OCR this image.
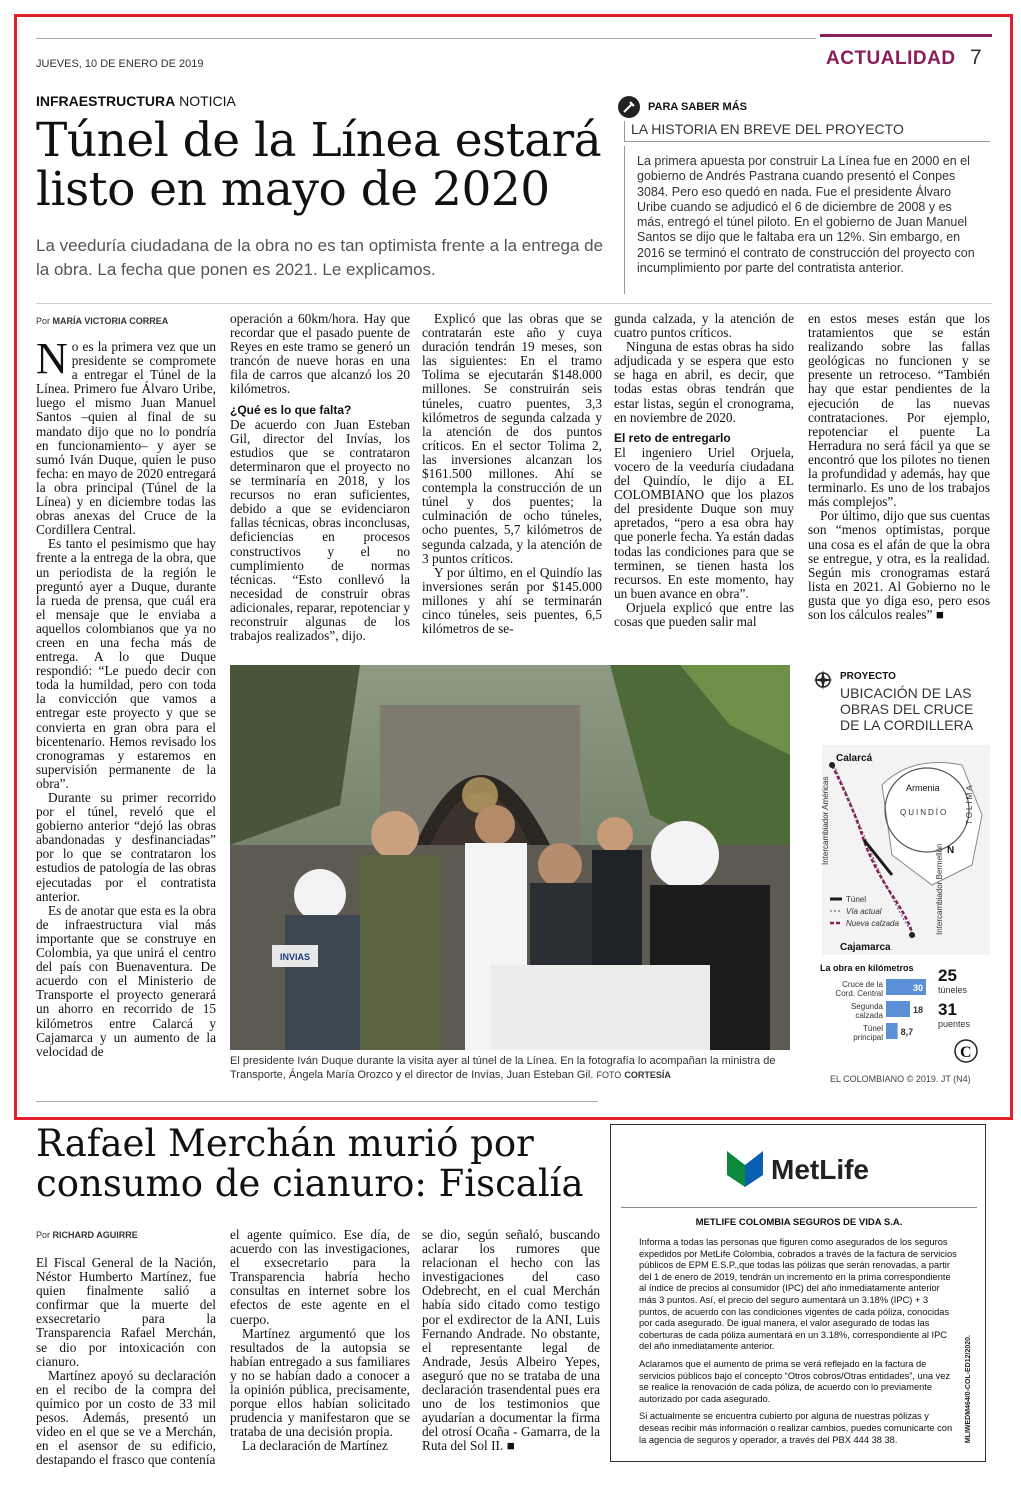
JUEVES, 10 DE ENERO DE 2019	ACTUALIDAD 7
INFRAESTRUCTURA NOTICIA
Túnel de la Línea estará listo en mayo de 2020
La veeduría ciudadana de la obra no es tan optimista frente a la entrega de la obra. La fecha que ponen es 2021. Le explicamos.
PARA SABER MÁS
LA HISTORIA EN BREVE DEL PROYECTO
La primera apuesta por construir La Línea fue en 2000 en el gobierno de Andrés Pastrana cuando presentó el Conpes 3084. Pero eso quedó en nada. Fue el presidente Álvaro Uribe cuando se adjudicó el 6 de diciembre de 2008 y es más, entregó el túnel piloto. En el gobierno de Juan Manuel Santos se dijo que le faltaba era un 12%. Sin embargo, en 2016 se terminó el contrato de construcción del proyecto con incumplimiento por parte del contratista anterior.
Por MARÍA VICTORIA CORREA

No es la primera vez que un presidente se compromete a entregar el Túnel de la Línea. Primero fue Álvaro Uribe, luego el mismo Juan Manuel Santos –quien al final de su mandato dijo que no lo pondría en funcionamiento– y ayer se sumó Iván Duque, quien le puso fecha: en mayo de 2020 entregará la obra principal (Túnel de la Línea) y en diciembre todas las obras anexas del Cruce de la Cordillera Central.

Es tanto el pesimismo que hay frente a la entrega de la obra, que un periodista de la región le preguntó ayer a Duque, durante la rueda de prensa, que cuál era el mensaje que le enviaba a aquellos colombianos que ya no creen en una fecha más de entrega. A lo que Duque respondió: “Le puedo decir con toda la humildad, pero con toda la convicción que vamos a entregar este proyecto y que se convierta en gran obra para el bicentenario. Hemos revisado los cronogramas y estaremos en supervisión permanente de la obra”.

Durante su primer recorrido por el túnel, reveló que el gobierno anterior “dejó las obras abandonadas y desfinanciadas” por lo que se contrataron los estudios de patología de las obras ejecutadas por el contratista anterior.

Es de anotar que esta es la obra de infraestructura vial más importante que se construye en Colombia, ya que unirá el centro del país con Buenaventura. De acuerdo con el Ministerio de Transporte el proyecto generará un ahorro en recorrido de 15 kilómetros entre Calarcá y Cajamarca y un aumento de la velocidad de

operación a 60km/hora. Hay que recordar que el pasado puente de Reyes en este tramo se generó un trancón de nueve horas en una fila de carros que alcanzó los 20 kilómetros.

¿Qué es lo que falta?

De acuerdo con Juan Esteban Gil, director del Invías, los estudios que se contrataron determinaron que el proyecto no se terminaría en 2018, y los recursos no eran suficientes, debido a que se evidenciaron fallas técnicas, obras inconclusas, deficiencias en procesos constructivos y el no cumplimiento de normas técnicas. “Esto conllevó la necesidad de construir obras adicionales, reparar, repotenciar y reconstruir algunas de los trabajos realizados”, dijo.

Explicó que las obras que se contratarán este año y cuya duración tendrán 19 meses, son las siguientes: En el tramo Tolima se ejecutarán $148.000 millones. Se construirán seis túneles, cuatro puentes, 3,3 kilómetros de segunda calzada y la atención de dos puntos críticos. En el sector Tolima 2, las inversiones alcanzan los $161.500 millones. Ahí se contempla la construcción de un túnel y dos puentes; la culminación de ocho túneles, ocho puentes, 5,7 kilómetros de segunda calzada, y la atención de 3 puntos críticos.

Y por último, en el Quindío las inversiones serán por $145.000 millones y ahí se terminarán cinco túneles, seis puentes, 6,5 kilómetros de se-

gunda calzada, y la atención de cuatro puntos críticos.

Ninguna de estas obras ha sido adjudicada y se espera que esto se haga en abril, es decir, que todas estas obras tendrán que estar listas, según el cronograma, en noviembre de 2020.

El reto de entregarlo

El ingeniero Uriel Orjuela, vocero de la veeduría ciudadana del Quindío, le dijo a EL COLOMBIANO que los plazos del presidente Duque son muy apretados, “pero a esa obra hay que ponerle fecha. Ya están dadas todas las condiciones para que se terminen, se tienen hasta los recursos. En este momento, hay un buen avance en obra”.

Orjuela explicó que entre las cosas que pueden salir mal

en estos meses están que los tratamientos que se están realizando sobre las fallas geológicas no funcionen y se presente un retroceso. “También hay que estar pendientes de la ejecución de las nuevas contrataciones. Por ejemplo, repotenciar el puente La Herradura no será fácil ya que se encontró que los pilotes no tienen la profundidad y además, hay que terminarlo. Es uno de los trabajos más complejos”.

Por último, dijo que sus cuentas son “menos optimistas, porque una cosa es el afán de que la obra se entregue, y otra, es la realidad. Según mis cronogramas estará lista en 2021. Al Gobierno no le gusta que yo diga eso, pero esos son los cálculos reales” ■

INVIAS
El presidente Iván Duque durante la visita ayer al túnel de la Línea. En la fotografía lo acompañan la ministra de Transporte, Ángela María Orozco y el director de Invías, Juan Esteban Gil. FOTO CORTESÍA
PROYECTO
UBICACIÓN DE LAS OBRAS DEL CRUCE DE LA CORDILLERA
Calarcá
Armenia
QUINDÍO TOLIMA
Intercambiador Américas
Intercambiador Bermellón
Cajamarca
N
Túnel
Vía actual
Nueva calzada
La obra en kilómetros
Cruce de la
Cord. Central
30
Segunda
calzada
18
Túnel
principal
8,7
25
túneles
31
puentes
C
EL COLOMBIANO © 2019. JT (N4)
Rafael Merchán murió por consumo de cianuro: Fiscalía
Por RICHARD AGUIRRE

El Fiscal General de la Nación, Néstor Humberto Martínez, fue quien finalmente salió a confirmar que la muerte del exsecretario para la Transparencia Rafael Merchán, se dio por intoxicación con cianuro.

Martínez apoyó su declaración en el recibo de la compra del químico por un costo de 33 mil pesos. Además, presentó un video en el que se ve a Merchán, en el asensor de su edificio, destapando el frasco que contenía

el agente químico. Ese día, de acuerdo con las investigaciones, el exsecretario para la Transparencia habría hecho consultas en internet sobre los efectos de este agente en el cuerpo.

Martínez argumentó que los resultados de la autopsia se habían entregado a sus familiares y no se habían dado a conocer a la opinión pública, precisamente, porque ellos habían solicitado prudencia y manifestaron que se trataba de una decisión propia.

La declaración de Martínez

se dio, según señaló, buscando aclarar los rumores que relacionan el hecho con las investigaciones del caso Odebrecht, en el cual Merchán había sido citado como testigo por el exdirector de la ANI, Luis Fernando Andrade. No obstante, el representante legal de Andrade, Jesús Albeiro Yepes, aseguró que no se trataba de una declaración trasendental pues era uno de los testimonios que ayudarían a documentar la firma del otrosí Ocaña - Gamarra, de la Ruta del Sol II. ■

MetLife
METLIFE COLOMBIA SEGUROS DE VIDA S.A.

Informa a todas las personas que figuren como asegurados de los seguros expedidos por MetLife Colombia, cobrados a través de la factura de servicios públicos de EPM E.S.P.,que todas las pólizas que serán renovadas, a partir del 1 de enero de 2019, tendrán un incremento en la prima correspondiente al índice de precios al consumidor (IPC) del año inmediatamente anterior más 3 puntos. Así, el precio del seguro aumentará un 3.18% (IPC) + 3 puntos, de acuerdo con las condiciones vigentes de cada póliza, conocidas por cada asegurado. De igual manera, el valor asegurado de todas las coberturas de cada póliza aumentará en un 3.18%, correspondiente al IPC del año inmediatamente anterior.

Aclaramos que el aumento de prima se verá reflejado en la factura de servicios públicos bajo el concepto “Otros cobros/Otras entidades”, una vez se realice la renovación de cada póliza, de acuerdo con lo previamente autorizado por cada asegurado.

Si actualmente se encuentra cubierto por alguna de nuestras pólizas y deseas recibir más información o realizar cambios, puedes comunicarte con la agencia de seguros y operador, a través del PBX 444 38 38.	MLIWEDM464/0-COL-ED12/2020.
